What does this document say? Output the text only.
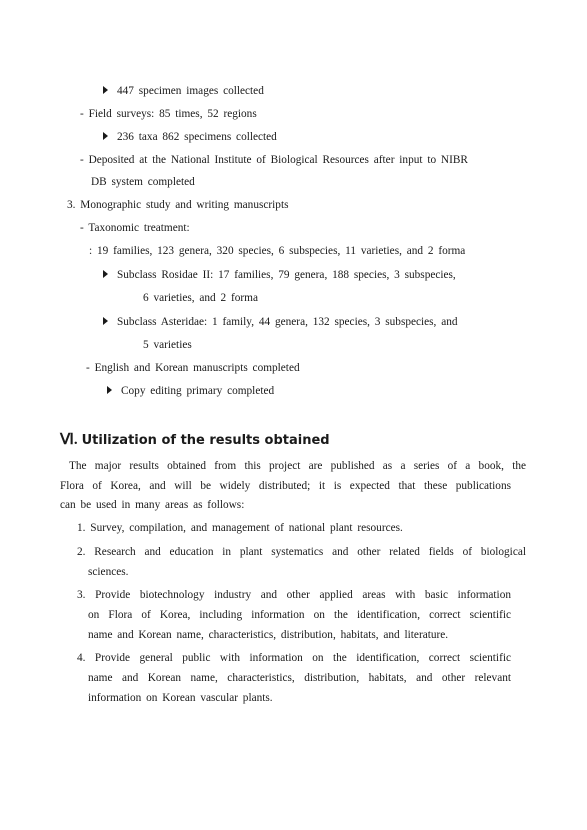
447 specimen images collected
- Field surveys: 85 times, 52 regions
236 taxa 862 specimens collected
- Deposited at the National Institute of Biological Resources after input to NIBR
DB system completed
3. Monographic study and writing manuscripts
- Taxonomic treatment:
: 19 families, 123 genera, 320 species, 6 subspecies, 11 varieties, and 2 forma
Subclass Rosidae II: 17 families, 79 genera, 188 species, 3 subspecies,
6 varieties, and 2 forma
Subclass Asteridae: 1 family, 44 genera, 132 species, 3 subspecies, and
5 varieties
- English and Korean manuscripts completed
Copy editing primary completed
Ⅵ. Utilization of the results obtained
The major results obtained from this project are published as a series of a book, the
Flora of Korea, and will be widely distributed; it is expected that these publications
can be used in many areas as follows:
1. Survey, compilation, and management of national plant resources.
2. Research and education in plant systematics and other related fields of biological
sciences.
3. Provide biotechnology industry and other applied areas with basic information
on Flora of Korea, including information on the identification, correct scientific
name and Korean name, characteristics, distribution, habitats, and literature.
4. Provide general public with information on the identification, correct scientific
name and Korean name, characteristics, distribution, habitats, and other relevant
information on Korean vascular plants.
